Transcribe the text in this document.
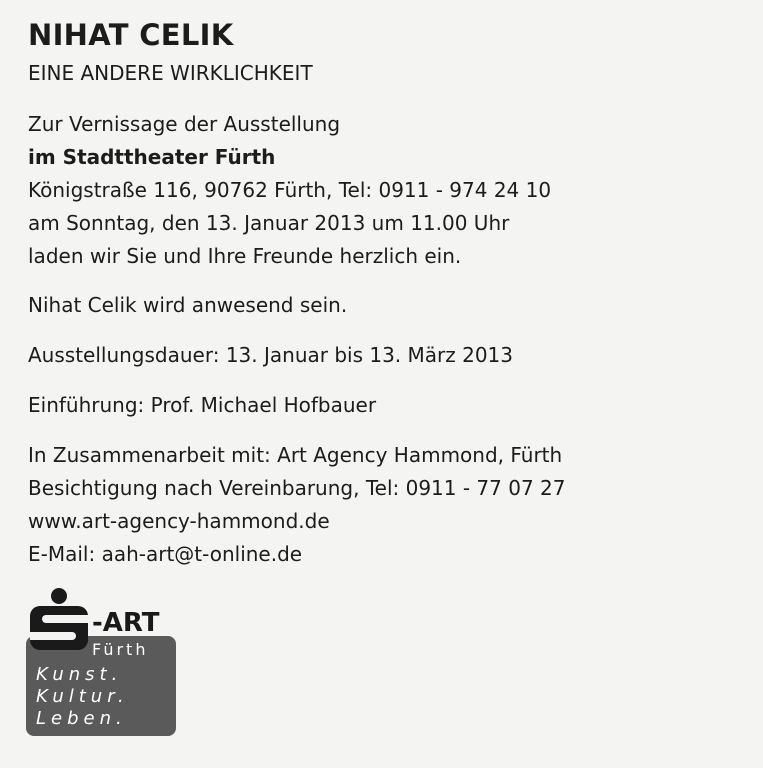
NIHAT CELIK
EINE ANDERE WIRKLICHKEIT

Zur Vernissage der Ausstellung

im Stadttheater Fürth

Königstraße 116, 90762 Fürth, Tel: 0911 - 974 24 10

am Sonntag, den 13. Januar 2013 um 11.00 Uhr

laden wir Sie und Ihre Freunde herzlich ein.

Nihat Celik wird anwesend sein.

Ausstellungsdauer: 13. Januar bis 13. März 2013

Einführung: Prof. Michael Hofbauer

In Zusammenarbeit mit: Art Agency Hammond, Fürth

Besichtigung nach Vereinbarung, Tel: 0911 - 77 07 27

www.art-agency-hammond.de

E-Mail: aah-art@t-online.de

-ART

Fürth

Kunst.

Kultur.

Leben.
